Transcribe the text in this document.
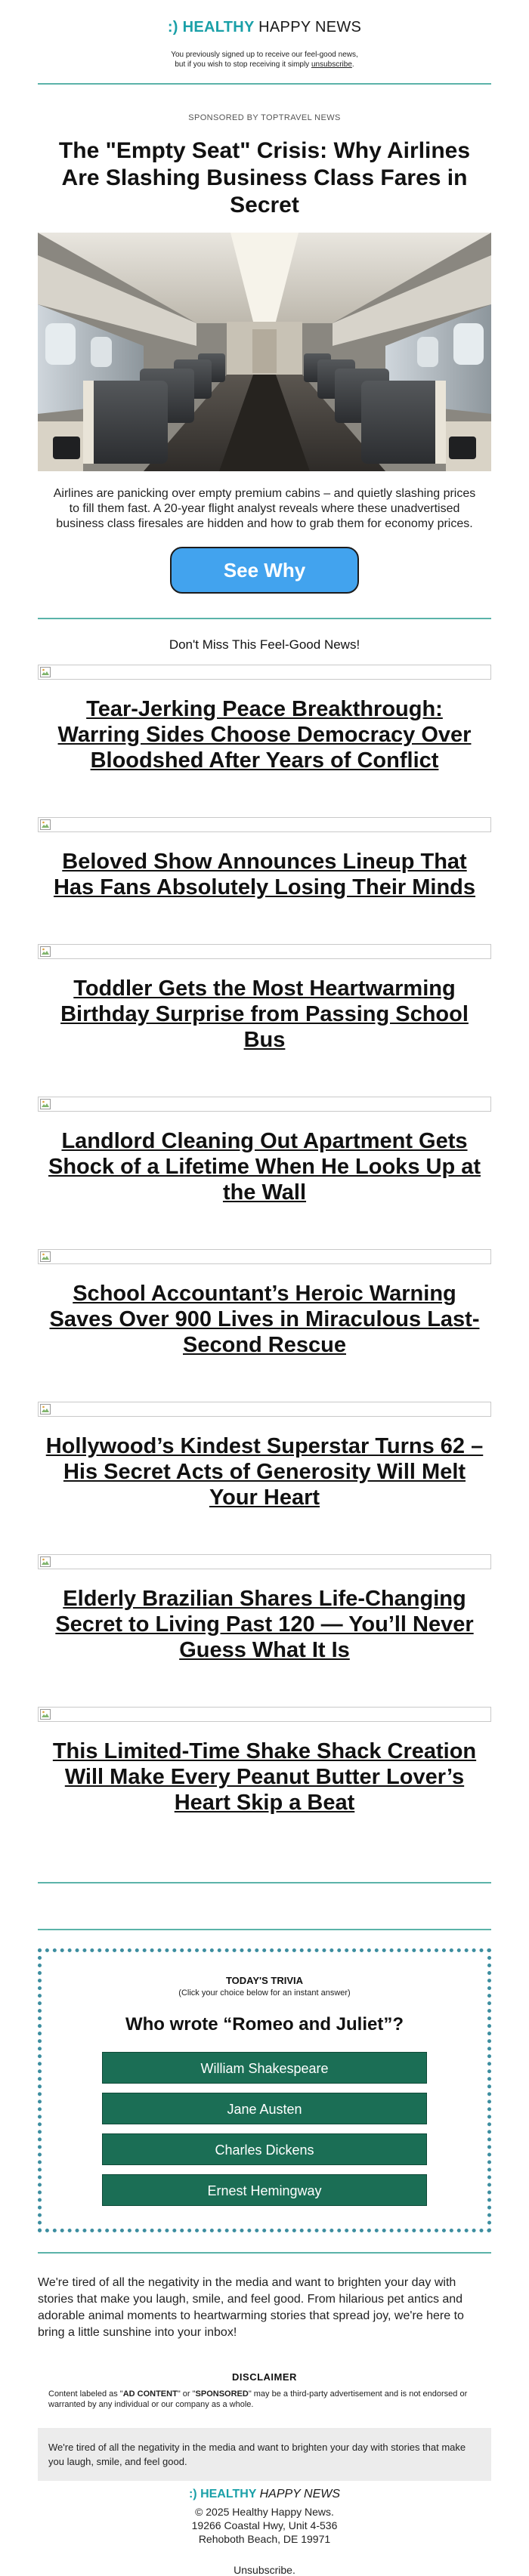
:) HEALTHY HAPPY NEWS
You previously signed up to receive our feel-good news,
but if you wish to stop receiving it simply unsubscribe.
SPONSORED BY TOPTRAVEL NEWS
The "Empty Seat" Crisis: Why Airlines Are Slashing Business Class Fares in Secret
Airlines are panicking over empty premium cabins – and quietly slashing prices to fill them fast. A 20-year flight analyst reveals where these unadvertised business class firesales are hidden and how to grab them for economy prices.
See Why
Don't Miss This Feel-Good News!
Tear-Jerking Peace Breakthrough: Warring Sides Choose Democracy Over Bloodshed After Years of Conflict
Beloved Show Announces Lineup That Has Fans Absolutely Losing Their Minds
Toddler Gets the Most Heartwarming Birthday Surprise from Passing School Bus
Landlord Cleaning Out Apartment Gets Shock of a Lifetime When He Looks Up at the Wall
School Accountant’s Heroic Warning Saves Over 900 Lives in Miraculous Last-Second Rescue
Hollywood’s Kindest Superstar Turns 62 – His Secret Acts of Generosity Will Melt Your Heart
Elderly Brazilian Shares Life-Changing Secret to Living Past 120 — You’ll Never Guess What It Is
This Limited-Time Shake Shack Creation Will Make Every Peanut Butter Lover’s Heart Skip a Beat
TODAY'S TRIVIA
(Click your choice below for an instant answer)
Who wrote “Romeo and Juliet”?
William Shakespeare
Jane Austen
Charles Dickens
Ernest Hemingway
We're tired of all the negativity in the media and want to brighten your day with stories that make you laugh, smile, and feel good. From hilarious pet antics and adorable animal moments to heartwarming stories that spread joy, we're here to bring a little sunshine into your inbox!
DISCLAIMER
Content labeled as "AD CONTENT" or "SPONSORED" may be a third-party advertisement and is not endorsed or warranted by any individual or our company as a whole.
We're tired of all the negativity in the media and want to brighten your day with stories that make you laugh, smile, and feel good.
:) HEALTHY HAPPY NEWS
© 2025 Healthy Happy News.
19266 Coastal Hwy, Unit 4-536
Rehoboth Beach, DE 19971
Unsubscribe.
